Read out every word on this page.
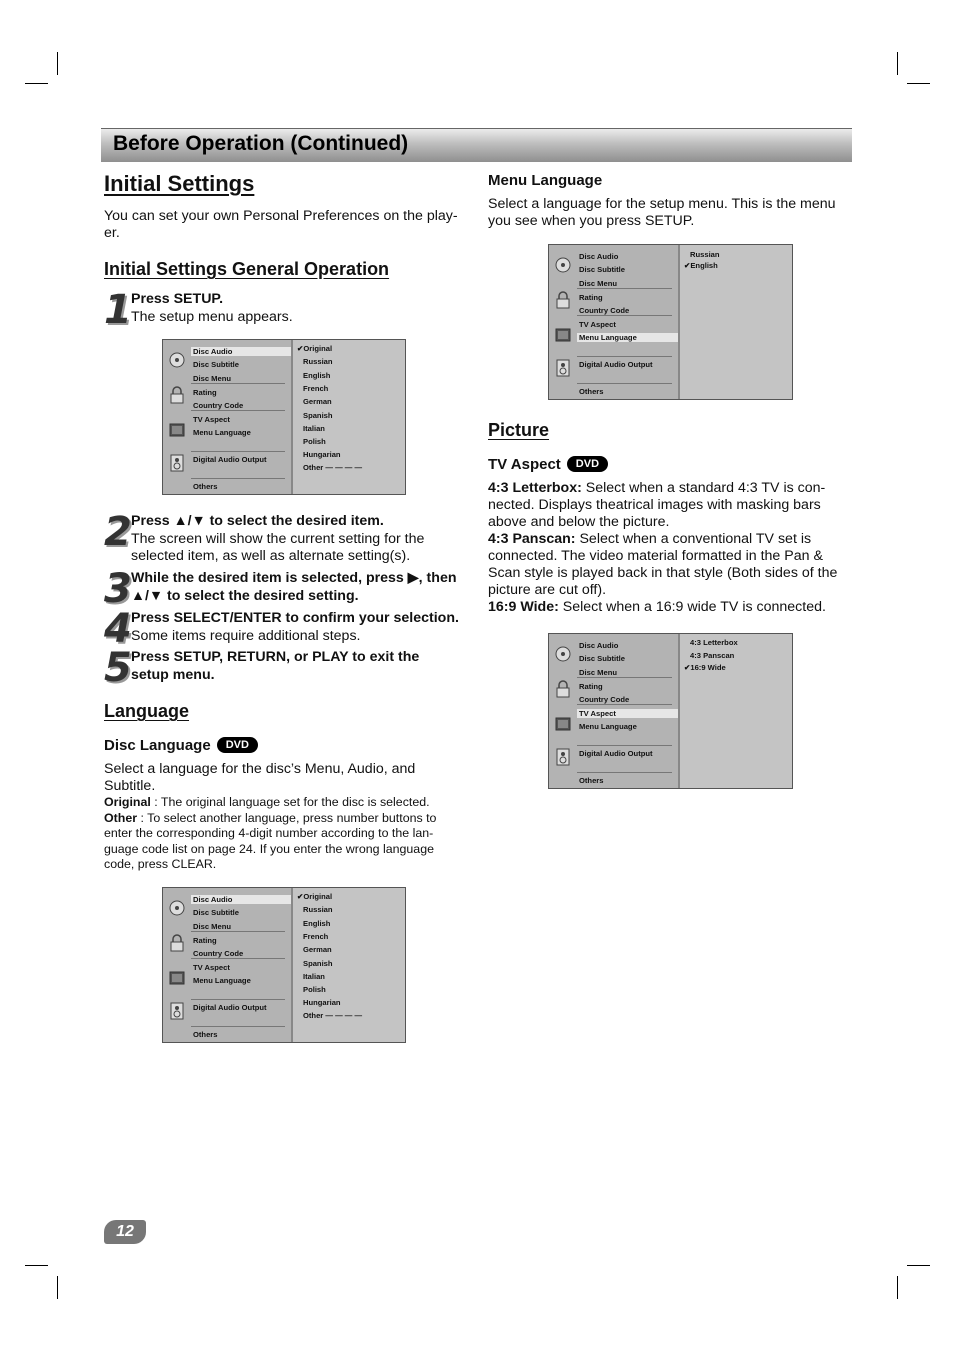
Before Operation (Continued)
Initial Settings
You can set your own Personal Preferences on the play-
er.
Initial Settings General Operation
1 Press SETUP.
The setup menu appears.
Disc Audio
Disc Subtitle
Disc Menu
Rating
Country Code
TV Aspect
Menu Language
Digital Audio Output
Others
✔Original
Russian
English
French
German
Spanish
Italian
Polish
Hungarian
Other — — — —
2 Press ▲/▼ to select the desired item.
The screen will show the current setting for the
selected item, as well as alternate setting(s).
3 While the desired item is selected, press ▶, then
▲/▼ to select the desired setting.
4 Press SELECT/ENTER to confirm your selection.
Some items require additional steps.
5 Press SETUP, RETURN, or PLAY to exit the
setup menu.
Language
Disc Language DVD
Select a language for the disc’s Menu, Audio, and
Subtitle.
Original : The original language set for the disc is selected.
Other : To select another language, press number buttons to
enter the corresponding 4-digit number according to the lan-
guage code list on page 24. If you enter the wrong language
code, press CLEAR.
Disc Audio
Disc Subtitle
Disc Menu
Rating
Country Code
TV Aspect
Menu Language
Digital Audio Output
Others
✔Original
Russian
English
French
German
Spanish
Italian
Polish
Hungarian
Other — — — —
Menu Language
Select a language for the setup menu. This is the menu
you see when you press SETUP.
Disc Audio
Disc Subtitle
Disc Menu
Rating
Country Code
TV Aspect
Menu Language
Digital Audio Output
Others
Russian
✔English
Picture
TV Aspect DVD
4:3 Letterbox: Select when a standard 4:3 TV is con-
nected. Displays theatrical images with masking bars
above and below the picture.
4:3 Panscan: Select when a conventional TV set is
connected. The video material formatted in the Pan &
Scan style is played back in that style (Both sides of the
picture are cut off).
16:9 Wide: Select when a 16:9 wide TV is connected.
Disc Audio
Disc Subtitle
Disc Menu
Rating
Country Code
TV Aspect
Menu Language
Digital Audio Output
Others
4:3 Letterbox
4:3 Panscan
✔16:9 Wide
12
